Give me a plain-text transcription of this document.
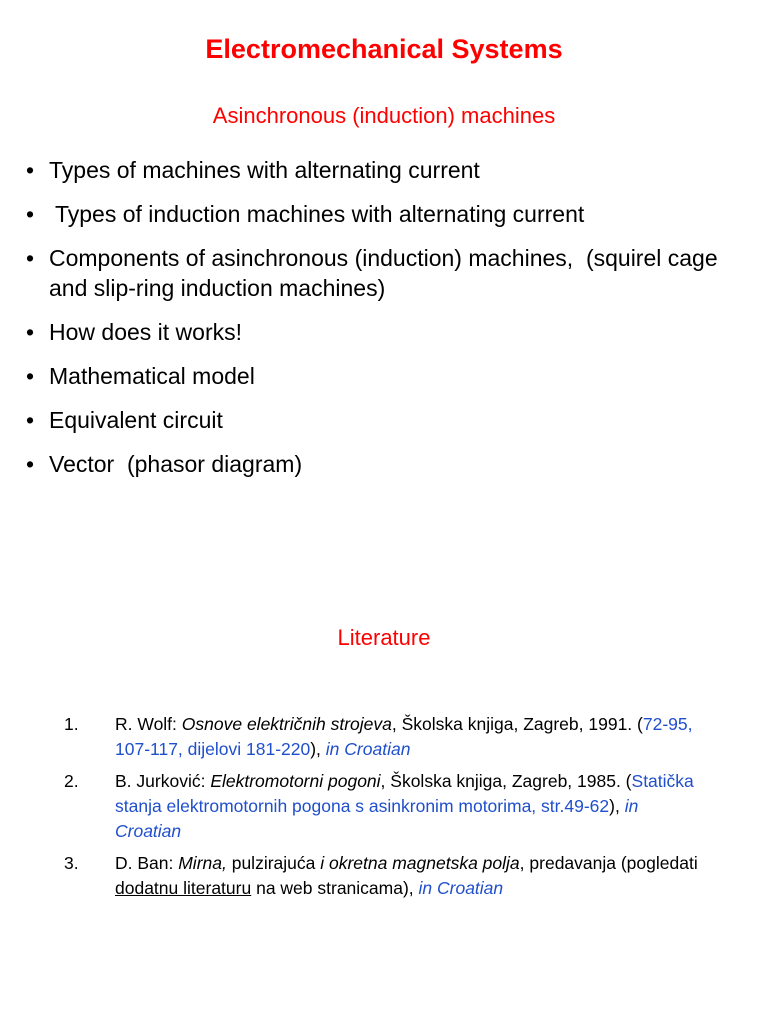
Electromechanical Systems
Asinchronous (induction) machines
• Types of machines with alternating current
• Types of induction machines with alternating current
• Components of asinchronous (induction) machines,  (squirel cage and slip-ring induction machines)
• How does it works!
• Mathematical model
• Equivalent circuit
• Vector  (phasor diagram)
Literature
1. R. Wolf: Osnove električnih strojeva, Školska knjiga, Zagreb, 1991. (72-95, 107-117, dijelovi 181-220), in Croatian
2. B. Jurković: Elektromotorni pogoni, Školska knjiga, Zagreb, 1985. (Statička stanja elektromotornih pogona s asinkronim motorima, str.49-62), in Croatian
3. D. Ban: Mirna, pulzirajuća i okretna magnetska polja, predavanja (pogledati dodatnu literaturu na web stranicama), in Croatian
